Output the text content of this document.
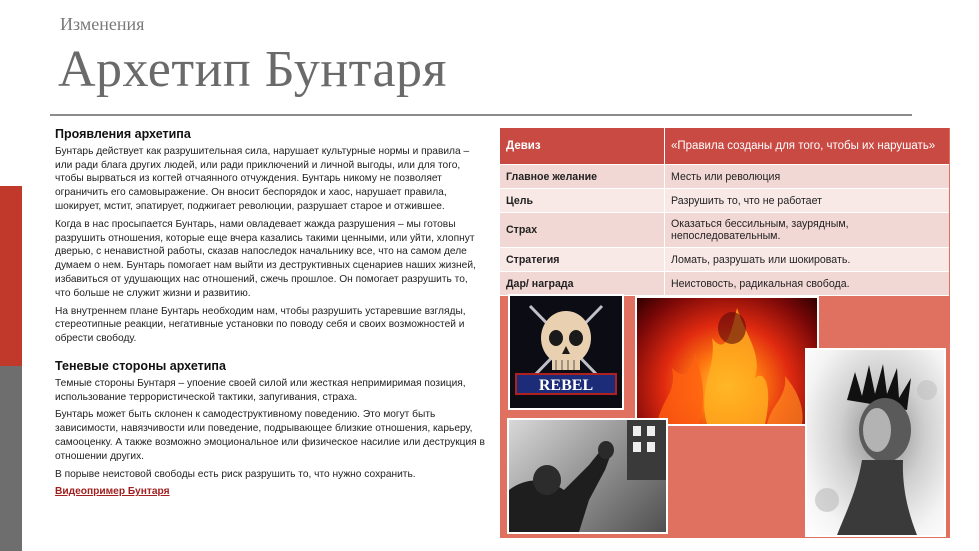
Изменения
Архетип Бунтаря
Проявления архетипа

Бунтарь действует как разрушительная сила, нарушает культурные нормы и правила – или ради блага других людей, или ради приключений и личной выгоды, или для того, чтобы вырваться из когтей отчаянного отчуждения. Бунтарь никому не позволяет ограничить его самовыражение. Он вносит беспорядок и хаос, нарушает правила, шокирует, мстит, эпатирует, поджигает революции, разрушает старое и отжившее.

Когда в нас просыпается Бунтарь, нами овладевает жажда разрушения – мы готовы разрушить отношения, которые еще вчера казались такими ценными, или уйти, хлопнут дверью, с ненавистной работы, сказав напоследок начальнику все, что на самом деле думаем о нем. Бунтарь помогает нам выйти из деструктивных сценариев наших жизней, избавиться от удушающих нас отношений, сжечь прошлое. Он помогает разрушить то, что больше не служит жизни и развитию.

На внутреннем плане Бунтарь необходим нам, чтобы разрушить устаревшие взгляды, стереотипные реакции, негативные установки по поводу себя и своих возможностей и обрести свободу.

Теневые стороны архетипа

Темные стороны Бунтаря – упоение своей силой или жесткая непримиримая позиция, использование террористической тактики, запугивания, страха.

Бунтарь может быть склонен к самодеструктивному поведению. Это могут быть зависимости, навязчивости или поведение, подрывающее близкие отношения, карьеру, самооценку. А также возможно эмоциональное или физическое насилие или деструкция в отношении других.

В порыве неистовой свободы есть риск разрушить то, что нужно сохранить.

Видеопример Бунтаря
Девиз	«Правила созданы для того, чтобы их нарушать»
Главное желание	Месть или революция
Цель	Разрушить то, что не работает
Страх	Оказаться бессильным, заурядным, непоследовательным.
Стратегия	Ломать, разрушать или шокировать.
Дар/ награда	Неистовость, радикальная свобода.
REBEL
